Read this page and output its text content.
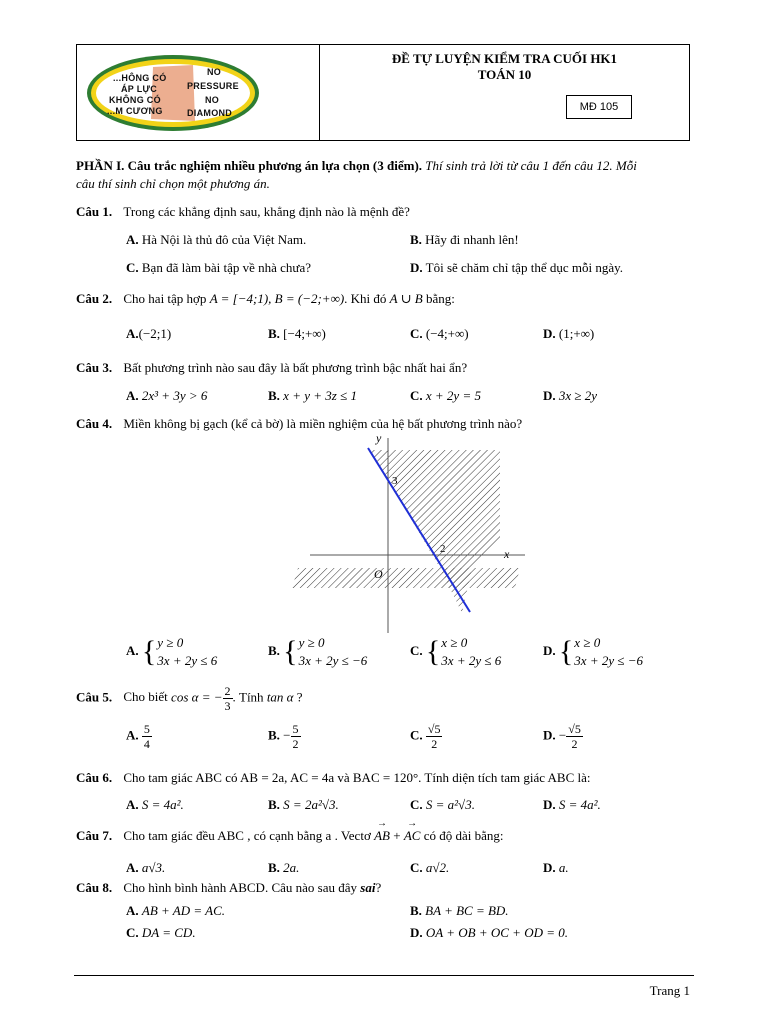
...HÔNG CÓ
ÁP LỰC
KHÔNG CÓ
...M CƯƠNG
NO
PRESSURE
NO
DIAMOND
ĐỀ TỰ LUYỆN KIỂM TRA CUỐI HK1
TOÁN 10
MĐ 105
PHẦN I. Câu trắc nghiệm nhiều phương án lựa chọn (3 điểm). Thí sinh trả lời từ câu 1 đến câu 12. Mỗi
câu thí sinh chỉ chọn một phương án.
Câu 1. Trong các khẳng định sau, khẳng định nào là mệnh đề?
A. Hà Nội là thủ đô của Việt Nam.	B. Hãy đi nhanh lên!
C. Bạn đã làm bài tập về nhà chưa?	D. Tôi sẽ chăm chỉ tập thể dục mỗi ngày.
Câu 2. Cho hai tập hợp A = [−4;1), B = (−2;+∞). Khi đó A ∪ B bằng:
A.(−2;1)	B. [−4;+∞)	C. (−4;+∞)	D. (1;+∞)
Câu 3. Bất phương trình nào sau đây là bất phương trình bậc nhất hai ẩn?
A. 2x³ + 3y > 6	B. x + y + 3z ≤ 1	C. x + 2y = 5	D. 3x ≥ 2y
Câu 4. Miền không bị gạch (kể cả bờ) là miền nghiệm của hệ bất phương trình nào?
y
x
O
3
2
A. {y ≥ 0
3x + 2y ≤ 6
B. {y ≥ 0
3x + 2y ≤ −6
C. {x ≥ 0
3x + 2y ≤ 6
D. {x ≥ 0
3x + 2y ≤ −6
Câu 5. Cho biết cos α = − $\frac{2}{3}$ . Tính tan α ?
A. $\frac{5}{4}$	B. − $\frac{5}{2}$	C. $\frac{√5}{2}$	D. − $\frac{√5}{2}$
Câu 6. Cho tam giác ABC có AB = 2a, AC = 4a và BAC = 120°. Tính diện tích tam giác ABC là:
A. S = 4a².	B. S = 2a²√3.	C. S = a²√3.	D. S = 4a².
Câu 7. Cho tam giác đều ABC , có cạnh bằng a . Vectơ → AB + → AC có độ dài bằng:
A. a√3.	B. 2a.	C. a√2.	D. a.
Câu 8. Cho hình bình hành ABCD. Câu nào sau đây sai?
A. AB + AD = AC.	B. BA + BC = BD.
C. DA = CD.	D. OA + OB + OC + OD = 0.
Trang 1
